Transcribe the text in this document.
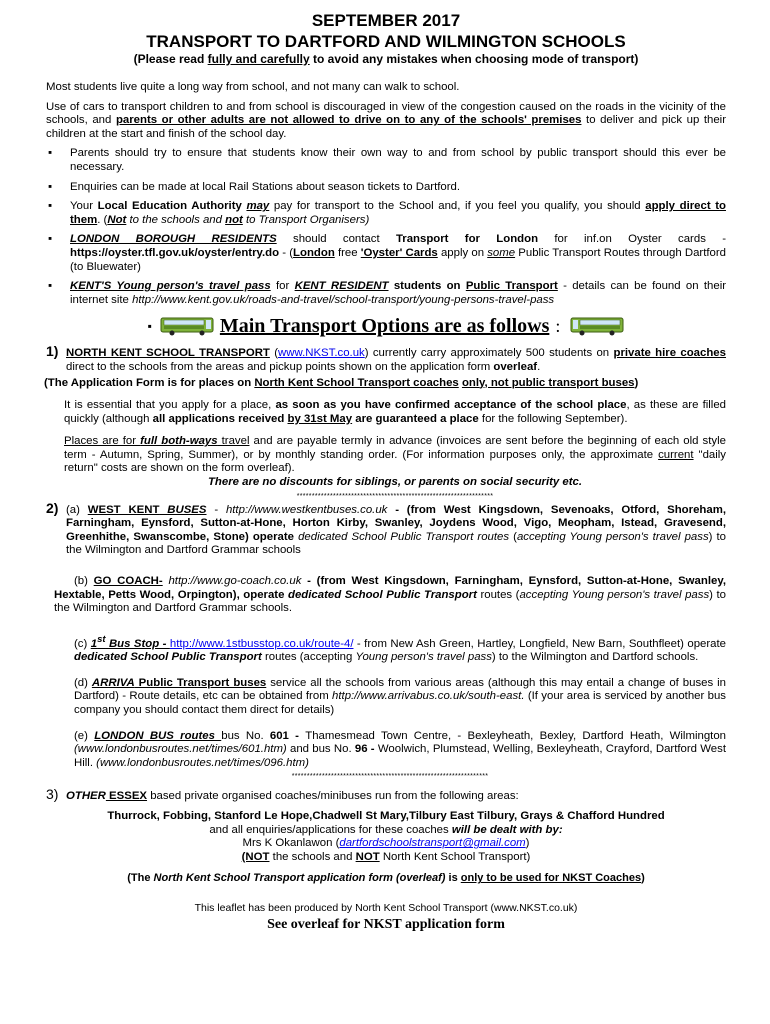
SEPTEMBER 2017
TRANSPORT TO DARTFORD AND WILMINGTON SCHOOLS
(Please read fully and carefully to avoid any mistakes when choosing mode of transport)

Most students live quite a long way from school, and not many can walk to school.

Use of cars to transport children to and from school is discouraged in view of the congestion caused on the roads in the vicinity of the schools, and parents or other adults are not allowed to drive on to any of the schools' premises to deliver and pick up their children at the start and finish of the school day.

▪ Parents should try to ensure that students know their own way to and from school by public transport should this ever be necessary.
▪ Enquiries can be made at local Rail Stations about season tickets to Dartford.
▪ Your Local Education Authority may pay for transport to the School and, if you feel you qualify, you should apply direct to them. (Not to the schools and not to Transport Organisers)
▪ LONDON BOROUGH RESIDENTS should contact Transport for London for inf.on Oyster cards - https://oyster.tfl.gov.uk/oyster/entry.do - (London free 'Oyster' Cards apply on some Public Transport Routes through Dartford (to Bluewater)
▪ KENT'S Young person's travel pass for KENT RESIDENT students on Public Transport - details can be found on their internet site http://www.kent.gov.uk/roads-and-travel/school-transport/young-persons-travel-pass
▪	Main Transport Options are as follows :
1) NORTH KENT SCHOOL TRANSPORT (www.NKST.co.uk) currently carry approximately 500 students on private hire coaches direct to the schools from the areas and pickup points shown on the application form overleaf.

(The Application Form is for places on North Kent School Transport coaches only, not public transport buses)

It is essential that you apply for a place, as soon as you have confirmed acceptance of the school place, as these are filled quickly (although all applications received by 31st May are guaranteed a place for the following September).

Places are for full both-ways travel and are payable termly in advance (invoices are sent before the beginning of each old style term - Autumn, Spring, Summer), or by monthly standing order. (For information purposes only, the approximate current "daily return" costs are shown on the form overleaf).

There are no discounts for siblings, or parents on social security etc.

*****************************************************************
2) (a) WEST KENT BUSES - http://www.westkentbuses.co.uk - (from West Kingsdown, Sevenoaks, Otford, Shoreham, Farningham, Eynsford, Sutton-at-Hone, Horton Kirby, Swanley, Joydens Wood, Vigo, Meopham, Istead, Gravesend, Greenhithe, Swanscombe, Stone) operate dedicated School Public Transport routes (accepting Young person's travel pass) to the Wilmington and Dartford Grammar schools

(b) GO COACH- http://www.go-coach.co.uk - (from West Kingsdown, Farningham, Eynsford, Sutton-at-Hone, Swanley, Hextable, Petts Wood, Orpington), operate dedicated School Public Transport routes (accepting Young person's travel pass) to the Wilmington and Dartford Grammar schools.

(c) 1st Bus Stop - http://www.1stbusstop.co.uk/route-4/ - from New Ash Green, Hartley, Longfield, New Barn, Southfleet) operate dedicated School Public Transport routes (accepting Young person's travel pass) to the Wilmington and Dartford schools.

(d) ARRIVA Public Transport buses service all the schools from various areas (although this may entail a change of buses in Dartford) - Route details, etc can be obtained from http://www.arrivabus.co.uk/south-east. (If your area is serviced by another bus company you should contact them direct for details)

(e) LONDON BUS routes bus No. 601 - Thamesmead Town Centre, - Bexleyheath, Bexley, Dartford Heath, Wilmington (www.londonbusroutes.net/times/601.htm) and bus No. 96 - Woolwich, Plumstead, Welling, Bexleyheath, Crayford, Dartford West Hill. (www.londonbusroutes.net/times/096.htm)

*****************************************************************
3) OTHER ESSEX based private organised coaches/minibuses run from the following areas:

Thurrock, Fobbing, Stanford Le Hope,Chadwell St Mary,Tilbury East Tilbury, Grays & Chafford Hundred

and all enquiries/applications for these coaches will be dealt with by:

Mrs K Okanlawon (dartfordschoolstransport@gmail.com)

(NOT the schools and NOT North Kent School Transport)

(The North Kent School Transport application form (overleaf) is only to be used for NKST Coaches)

This leaflet has been produced by North Kent School Transport (www.NKST.co.uk)

See overleaf for NKST application form
